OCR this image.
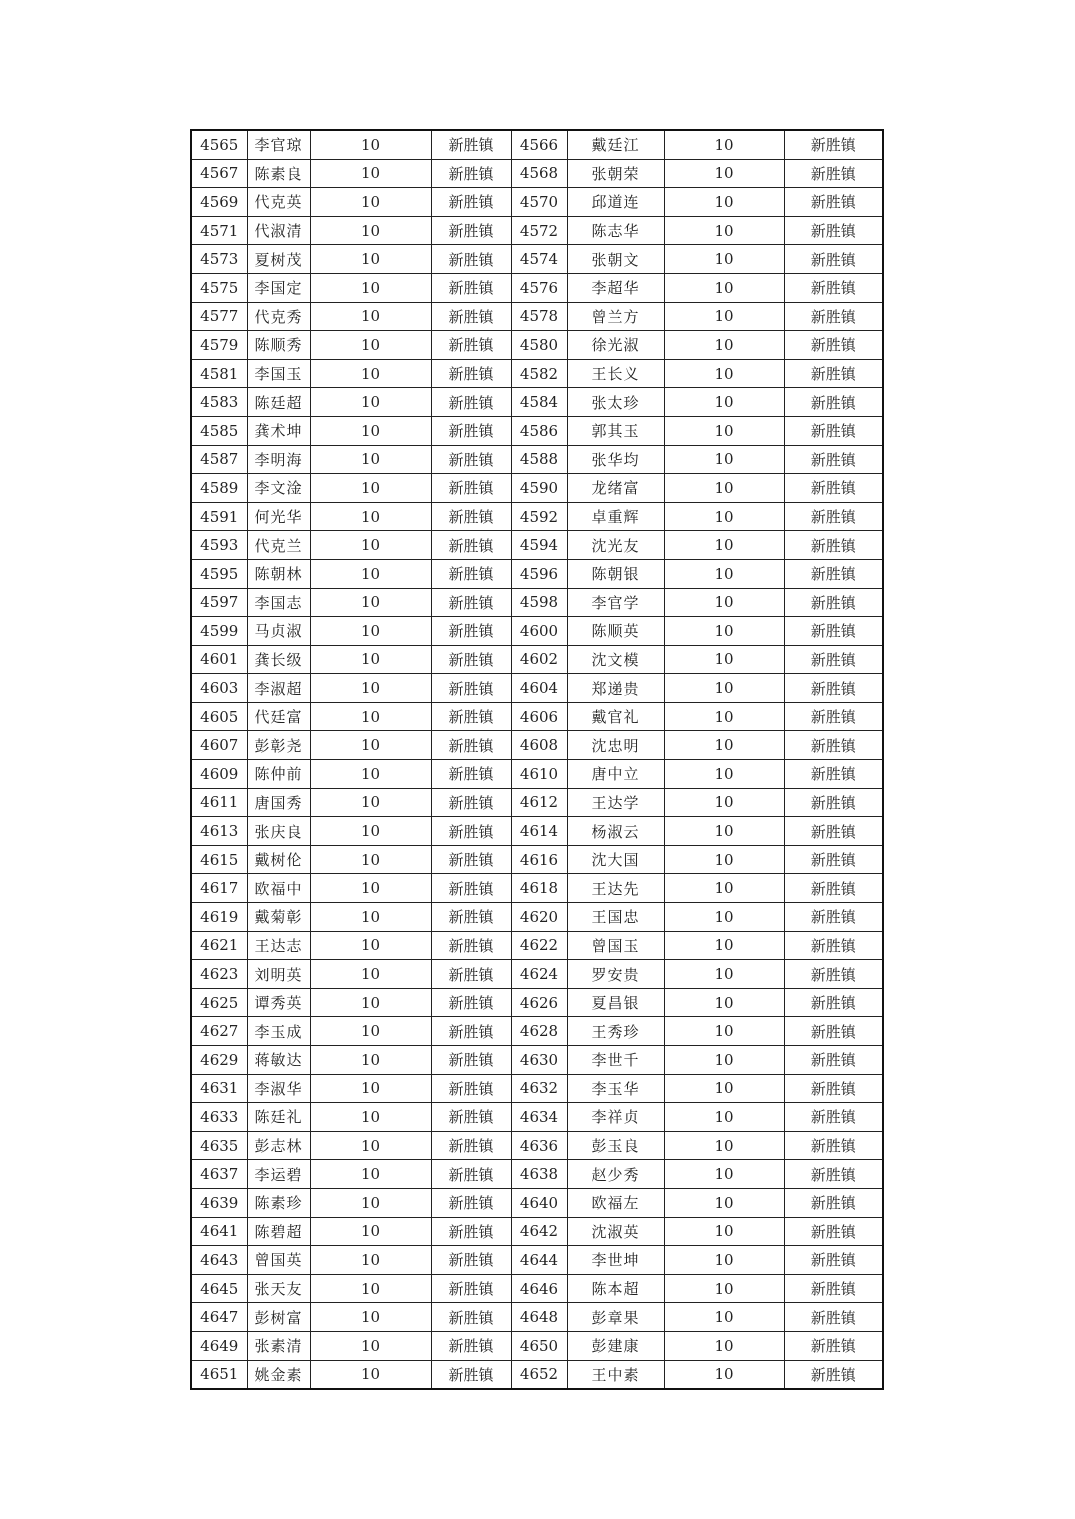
4565	李官琼	10	新胜镇	4566	戴廷江	10	新胜镇
4567	陈素良	10	新胜镇	4568	张朝荣	10	新胜镇
4569	代克英	10	新胜镇	4570	邱道连	10	新胜镇
4571	代淑清	10	新胜镇	4572	陈志华	10	新胜镇
4573	夏树茂	10	新胜镇	4574	张朝文	10	新胜镇
4575	李国定	10	新胜镇	4576	李超华	10	新胜镇
4577	代克秀	10	新胜镇	4578	曾兰方	10	新胜镇
4579	陈顺秀	10	新胜镇	4580	徐光淑	10	新胜镇
4581	李国玉	10	新胜镇	4582	王长义	10	新胜镇
4583	陈廷超	10	新胜镇	4584	张太珍	10	新胜镇
4585	龚术坤	10	新胜镇	4586	郭其玉	10	新胜镇
4587	李明海	10	新胜镇	4588	张华均	10	新胜镇
4589	李文淦	10	新胜镇	4590	龙绪富	10	新胜镇
4591	何光华	10	新胜镇	4592	卓重辉	10	新胜镇
4593	代克兰	10	新胜镇	4594	沈光友	10	新胜镇
4595	陈朝林	10	新胜镇	4596	陈朝银	10	新胜镇
4597	李国志	10	新胜镇	4598	李官学	10	新胜镇
4599	马贞淑	10	新胜镇	4600	陈顺英	10	新胜镇
4601	龚长级	10	新胜镇	4602	沈文模	10	新胜镇
4603	李淑超	10	新胜镇	4604	郑递贵	10	新胜镇
4605	代廷富	10	新胜镇	4606	戴官礼	10	新胜镇
4607	彭彰尧	10	新胜镇	4608	沈忠明	10	新胜镇
4609	陈仲前	10	新胜镇	4610	唐中立	10	新胜镇
4611	唐国秀	10	新胜镇	4612	王达学	10	新胜镇
4613	张庆良	10	新胜镇	4614	杨淑云	10	新胜镇
4615	戴树伦	10	新胜镇	4616	沈大国	10	新胜镇
4617	欧福中	10	新胜镇	4618	王达先	10	新胜镇
4619	戴菊彰	10	新胜镇	4620	王国忠	10	新胜镇
4621	王达志	10	新胜镇	4622	曾国玉	10	新胜镇
4623	刘明英	10	新胜镇	4624	罗安贵	10	新胜镇
4625	谭秀英	10	新胜镇	4626	夏昌银	10	新胜镇
4627	李玉成	10	新胜镇	4628	王秀珍	10	新胜镇
4629	蒋敏达	10	新胜镇	4630	李世千	10	新胜镇
4631	李淑华	10	新胜镇	4632	李玉华	10	新胜镇
4633	陈廷礼	10	新胜镇	4634	李祥贞	10	新胜镇
4635	彭志林	10	新胜镇	4636	彭玉良	10	新胜镇
4637	李运碧	10	新胜镇	4638	赵少秀	10	新胜镇
4639	陈素珍	10	新胜镇	4640	欧福左	10	新胜镇
4641	陈碧超	10	新胜镇	4642	沈淑英	10	新胜镇
4643	曾国英	10	新胜镇	4644	李世坤	10	新胜镇
4645	张天友	10	新胜镇	4646	陈本超	10	新胜镇
4647	彭树富	10	新胜镇	4648	彭章果	10	新胜镇
4649	张素清	10	新胜镇	4650	彭建康	10	新胜镇
4651	姚金素	10	新胜镇	4652	王中素	10	新胜镇
